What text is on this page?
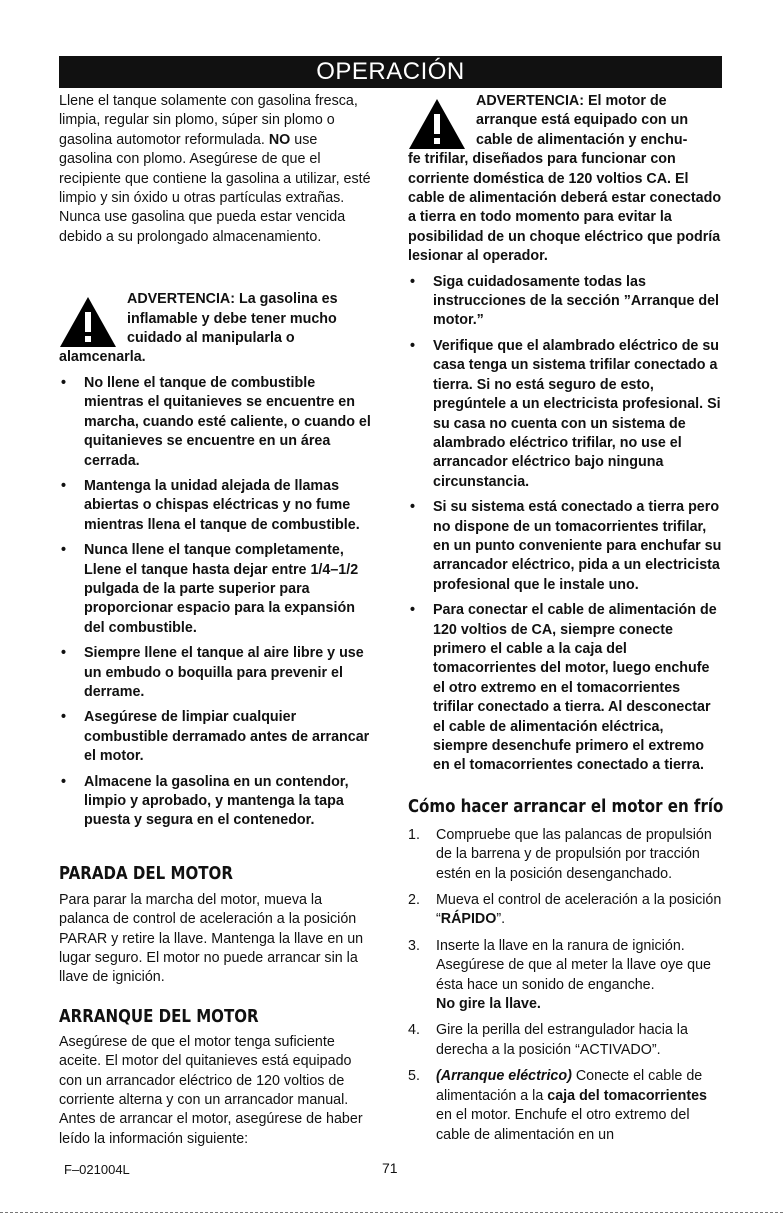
OPERACIÓN

Llene el tanque solamente con gasolina fresca, limpia, regular sin plomo, súper sin plomo o gasolina automotor reformulada. NO use gasolina con plomo. Asegúrese de que el recipiente que contiene la gasolina a utilizar, esté limpio y sin óxido u otras partículas extrañas. Nunca use gasolina que pueda estar vencida debido a su prolongado almacenamiento.

ADVERTENCIA: La gasolina es
inflamable y debe tener mucho
cuidado al manipularla o
alamcenarla.
• No llene el tanque de combustible mientras el quitanieves se encuentre en marcha, cuando esté caliente, o cuando el quitanieves se encuentre en un área cerrada.
• Mantenga la unidad alejada de llamas abiertas o chispas eléctricas y no fume mientras llena el tanque de combustible.
• Nunca llene el tanque completamente, Llene el tanque hasta dejar entre 1/4–1/2 pulgada de la parte superior para proporcionar espacio para la expansión del combustible.
• Siempre llene el tanque al aire libre y use un embudo o boquilla para prevenir el derrame.
• Asegúrese de limpiar cualquier combustible derramado antes de arrancar el motor.
• Almacene la gasolina en un contendor, limpio y aprobado, y mantenga la tapa puesta y segura en el contenedor.
PARADA DEL MOTOR

Para parar la marcha del motor, mueva la palanca de control de aceleración a la posición PARAR y retire la llave. Mantenga la llave en un lugar seguro. El motor no puede arrancar sin la llave de ignición.

ARRANQUE DEL MOTOR

Asegúrese de que el motor tenga suficiente aceite. El motor del quitanieves está equipado con un arrancador eléctrico de 120 voltios de corriente alterna y con un arrancador manual. Antes de arrancar el motor, asegúrese de haber leído la información siguiente:

ADVERTENCIA: El motor de
arranque está equipado con un
cable de alimentación y enchu-
fe trifilar, diseñados para funcionar con corriente doméstica de 120 voltios CA. El cable de alimentación deberá estar conectado a tierra en todo momento para evitar la posibilidad de un choque eléctrico que podría lesionar al operador.
• Siga cuidadosamente todas las instrucciones de la sección ”Arranque del motor.”
• Verifique que el alambrado eléctrico de su casa tenga un sistema trifilar conectado a tierra. Si no está seguro de esto, pregúntele a un electricista profesional. Si su casa no cuenta con un sistema de alambrado eléctrico trifilar, no use el arrancador eléctrico bajo ninguna circunstancia.
• Si su sistema está conectado a tierra pero no dispone de un tomacorrientes trifilar, en un punto conveniente para enchufar su arrancador eléctrico, pida a un electricista profesional que le instale uno.
• Para conectar el cable de alimentación de 120 voltios de CA, siempre conecte primero el cable a la caja del tomacorrientes del motor, luego enchufe el otro extremo en el tomacorrientes trifilar conectado a tierra. Al desconectar el cable de alimentación eléctrica, siempre desenchufe primero el extremo en el tomacorrientes conectado a tierra.
Cómo hacer arrancar el motor en frío
1. Compruebe que las palancas de propulsión de la barrena y de propulsión por tracción estén en la posición desenganchado.
2. Mueva el control de aceleración a la posición “RÁPIDO”.
3. Inserte la llave en la ranura de ignición. Asegúrese de que al meter la llave oye que ésta hace un sonido de enganche.
No gire la llave.
4. Gire la perilla del estrangulador hacia la derecha a la posición “ACTIVADO”.
5. (Arranque eléctrico) Conecte el cable de alimentación a la caja del tomacorrientes en el motor. Enchufe el otro extremo del cable de alimentación en un
F–021004L	71
